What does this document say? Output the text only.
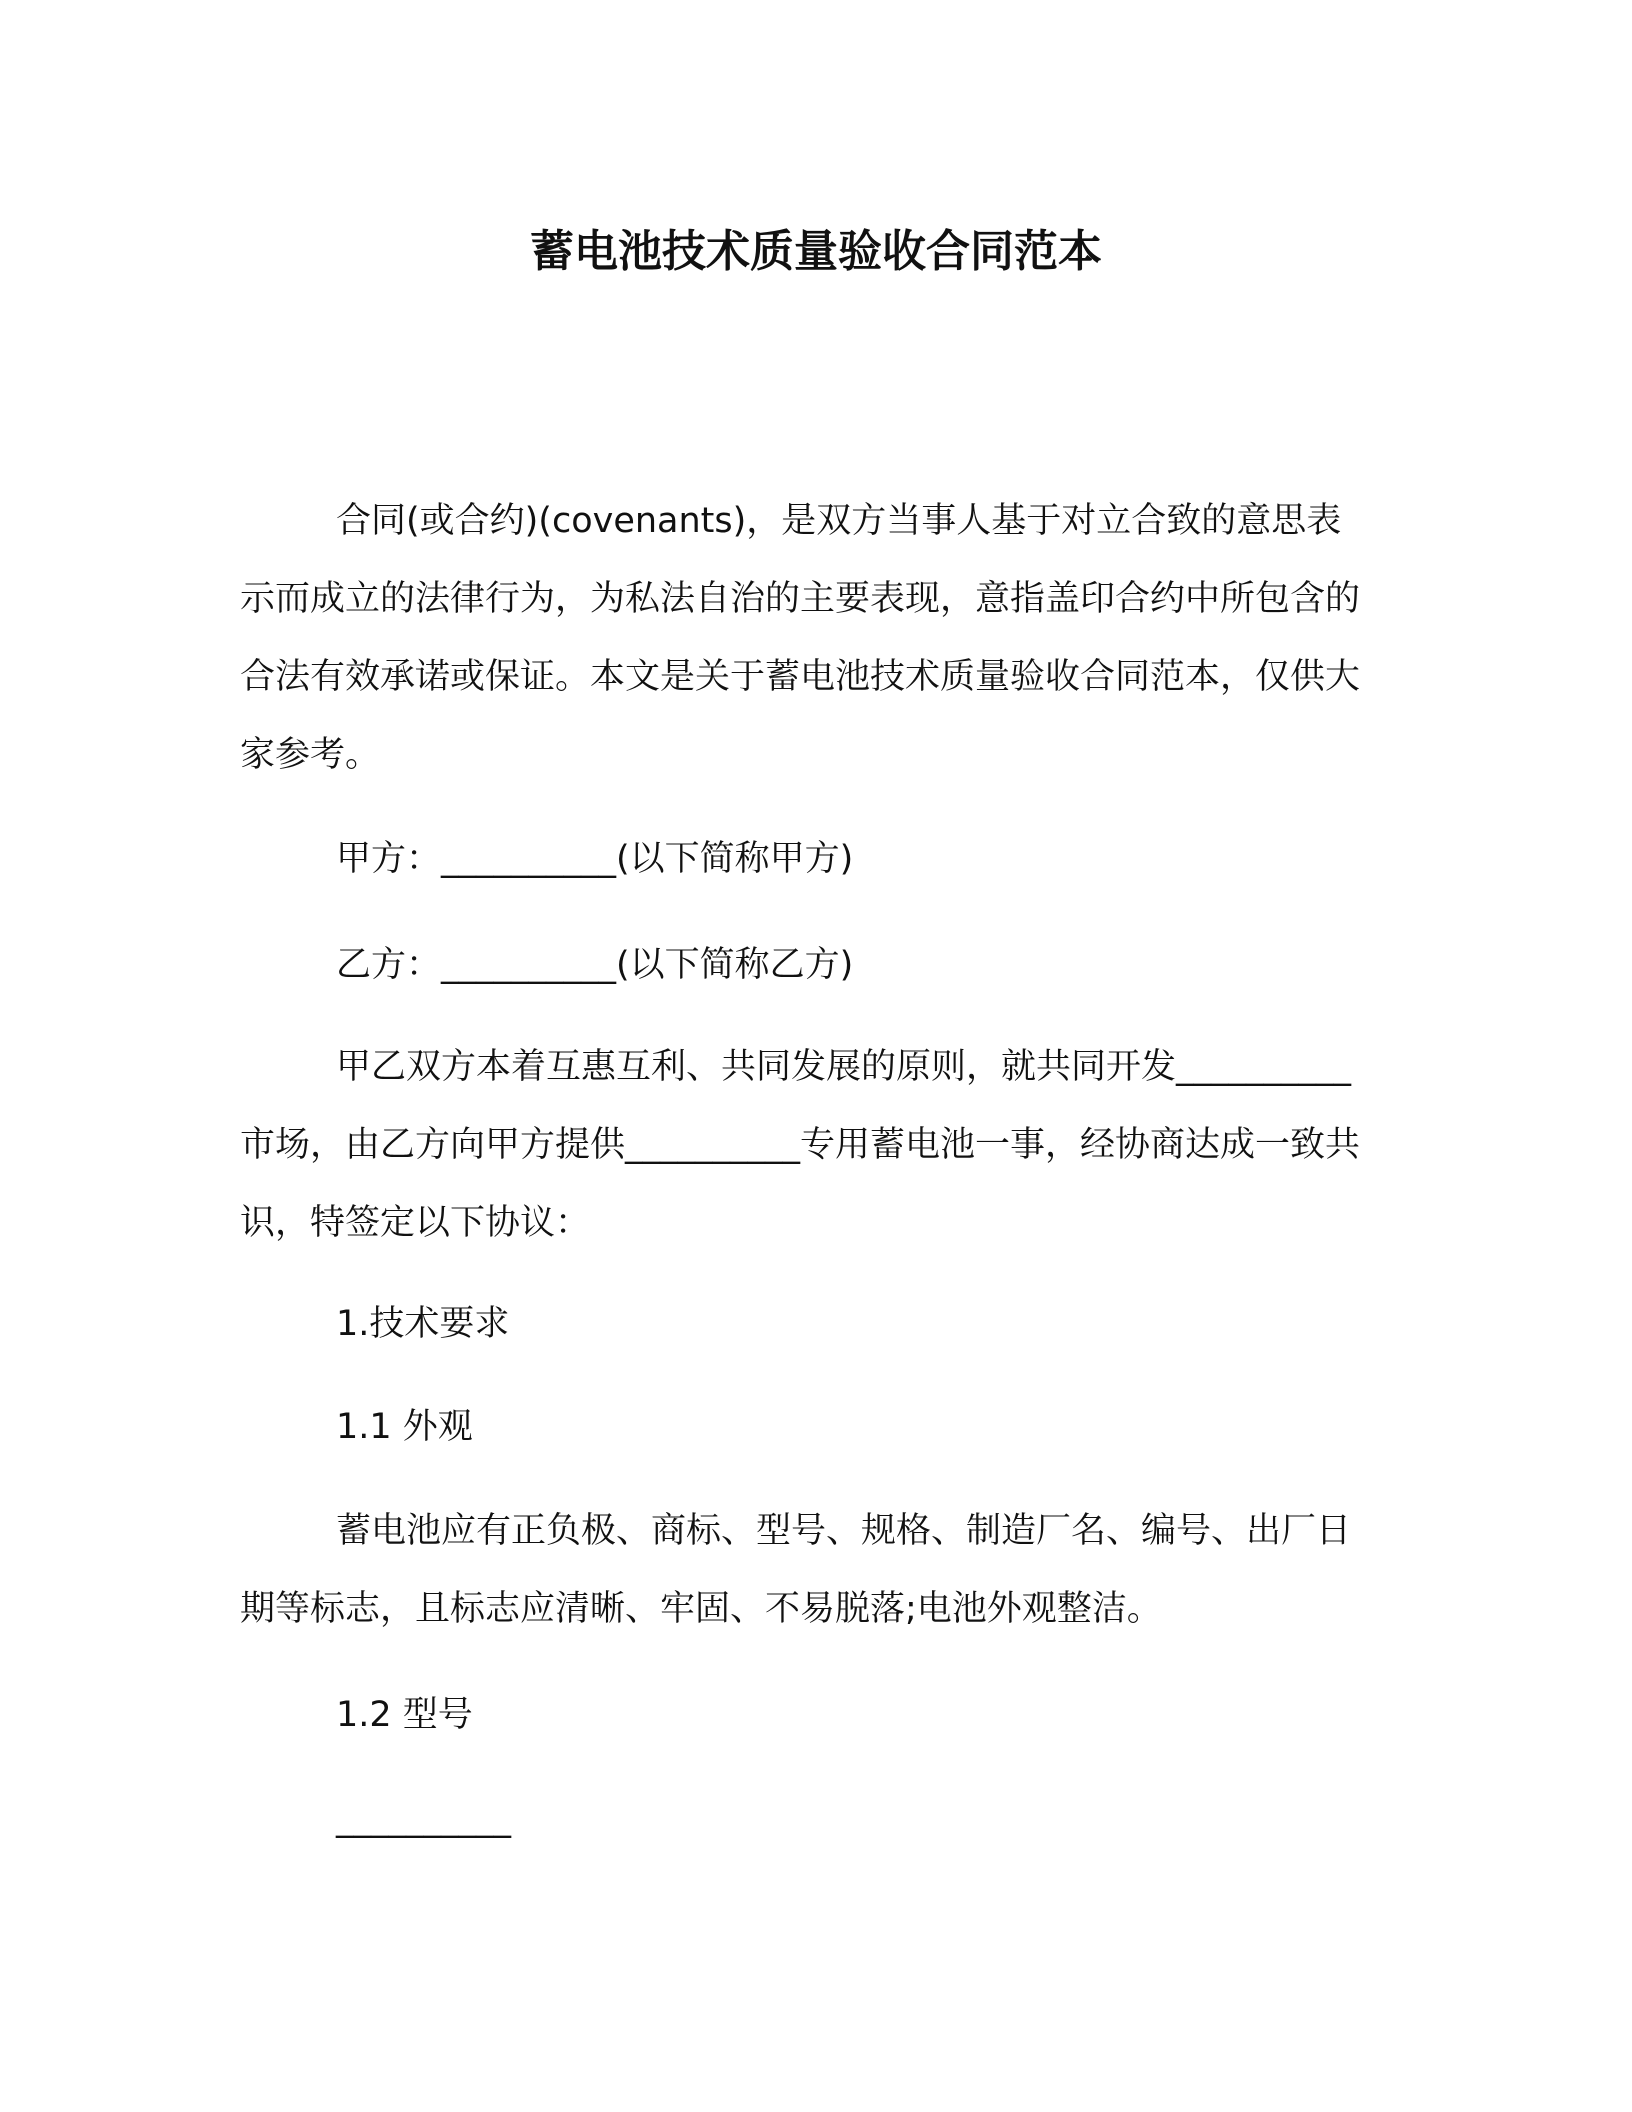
蓄电池技术质量验收合同范本

合同(或合约)(covenants)，是双方当事人基于对立合致的意思表示而成立的法律行为，为私法自治的主要表现，意指盖印合约中所包含的合法有效承诺或保证。本文是关于蓄电池技术质量验收合同范本，仅供大家参考。

甲方：__________(以下简称甲方)

乙方：__________(以下简称乙方)

甲乙双方本着互惠互利、共同发展的原则，就共同开发__________市场，由乙方向甲方提供__________专用蓄电池一事，经协商达成一致共识，特签定以下协议：

1.技术要求

1.1 外观

蓄电池应有正负极、商标、型号、规格、制造厂名、编号、出厂日期等标志，且标志应清晰、牢固、不易脱落;电池外观整洁。

1.2 型号

__________
